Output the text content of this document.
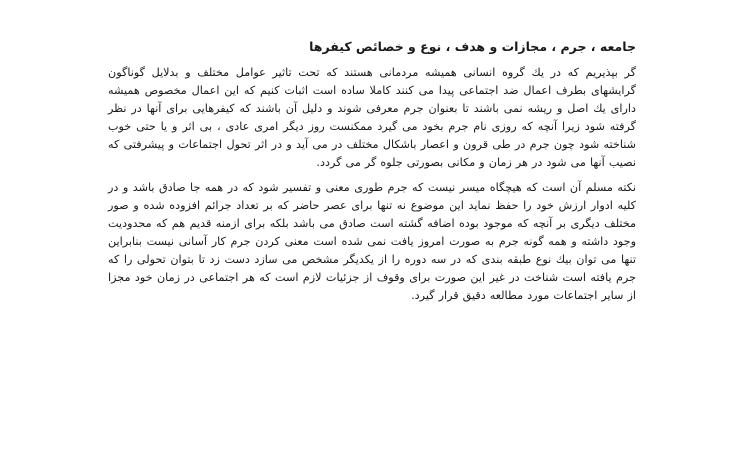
جامعه ، جرم ، مجازات و هدف ، نوع و خصائص کیفرها

گر بپذیریم که در یك گروه انسانی همیشه مردمانی هستند که تحت تاثیر عوامل مختلف و بدلایل گوناگون گرایشهای بطرف اعمال ضد اجتماعی پیدا می کنند کاملا ساده است اثبات کنیم که این اعمال مخصوص همیشه دارای یك اصل و ریشه نمی باشند تا بعنوان جرم معرفی شوند و دلیل آن باشند که کیفرهایی برای آنها در نظر گرفته شود زیرا آنچه که روزی نام جرم بخود می گیرد ممکنست روز دیگر امری عادی ، بی اثر و یا حتی خوب شناخته شود چون جرم در طی قرون و اعصار باشکال مختلف در می آید و در اثر تحول اجتماعات و پیشرفتی که نصیب آنها می شود در هر زمان و مکانی بصورتی جلوه گر می گردد.

نکته مسلم آن است که هیچگاه میسر نیست که جرم طوری معنی و تفسیر شود که در همه جا صادق باشد و در کلیه ادوار ارزش خود را حفظ نماید این موضوع نه تنها برای عصر حاضر که بر تعداد جرائم افزوده شده و صور مختلف دیگری بر آنچه که موجود بوده اضافه گشته است صادق می باشد بلکه برای ازمنه قدیم هم که محدودیت وجود داشته و همه گونه جرم به صورت امروز یافت نمی شده است معنی کردن جرم کار آسانی نیست بنابراین تنها می توان بیك نوع طبقه بندی که در سه دوره را از یکدیگر مشخص می سازد دست زد تا بتوان تحولی را که جرم یافته است شناخت در غیر این صورت برای وقوف از جزئیات لازم است که هر اجتماعی در زمان خود مجزا از سایر اجتماعات مورد مطالعه دقیق قرار گیرد.
